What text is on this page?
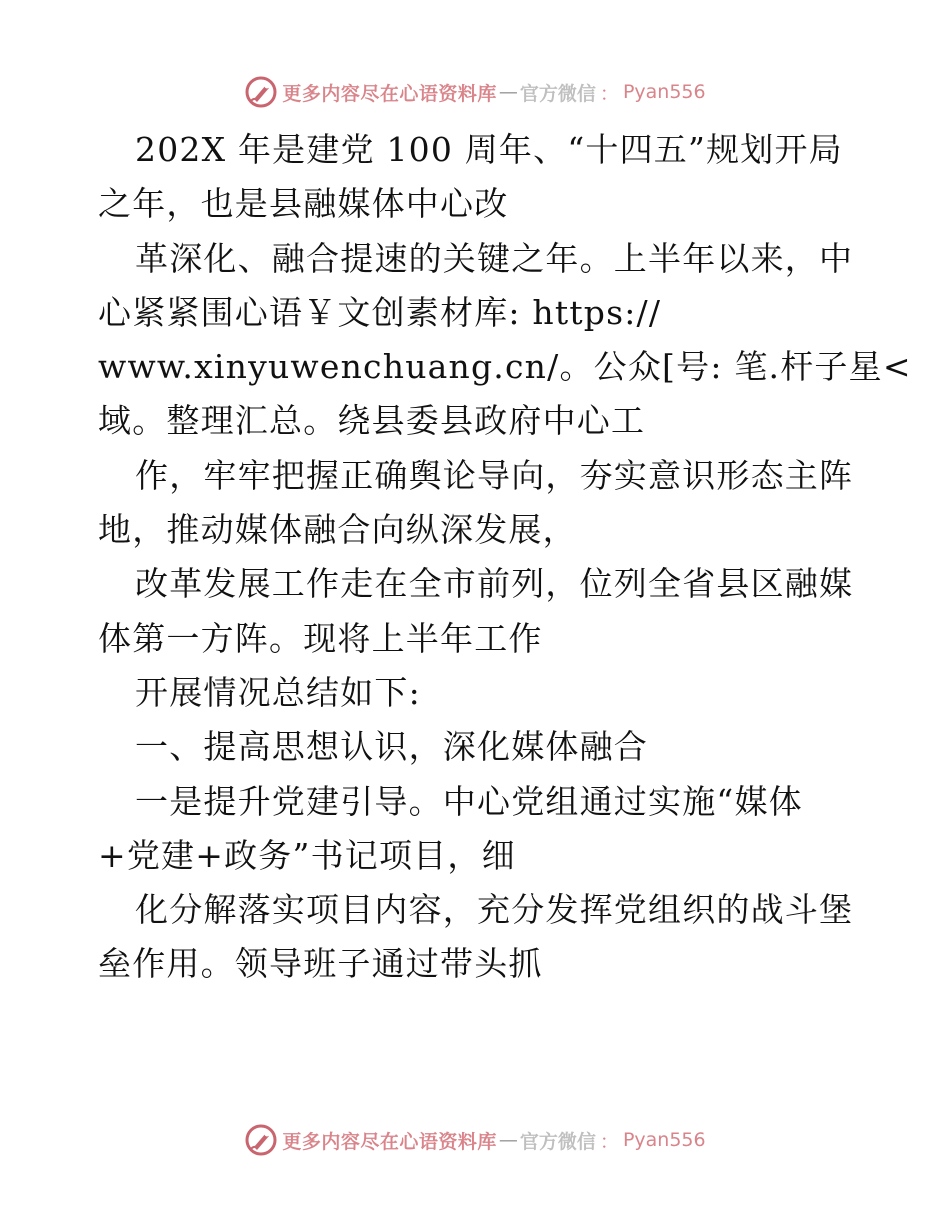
更多内容尽在心语资料库 — 官方微信 ： Pyan556
202X 年是建党 100 周年、“十四五”规划开局
之年，也是县融媒体中心改
革深化、融合提速的关键之年。上半年以来，中
心紧紧围心语￥文创素材库: https://
www.xinyuwenchuang.cn/。公众[号: 笔.杆子星<
域。整理汇总。绕县委县政府中心工
作，牢牢把握正确舆论导向，夯实意识形态主阵
地，推动媒体融合向纵深发展，
改革发展工作走在全市前列，位列全省县区融媒
体第一方阵。现将上半年工作
开展情况总结如下:
一、提高思想认识，深化媒体融合
一是提升党建引导。中心党组通过实施“媒体
+党建+政务”书记项目，细
化分解落实项目内容，充分发挥党组织的战斗堡
垒作用。领导班子通过带头抓
更多内容尽在心语资料库 — 官方微信 ： Pyan556
